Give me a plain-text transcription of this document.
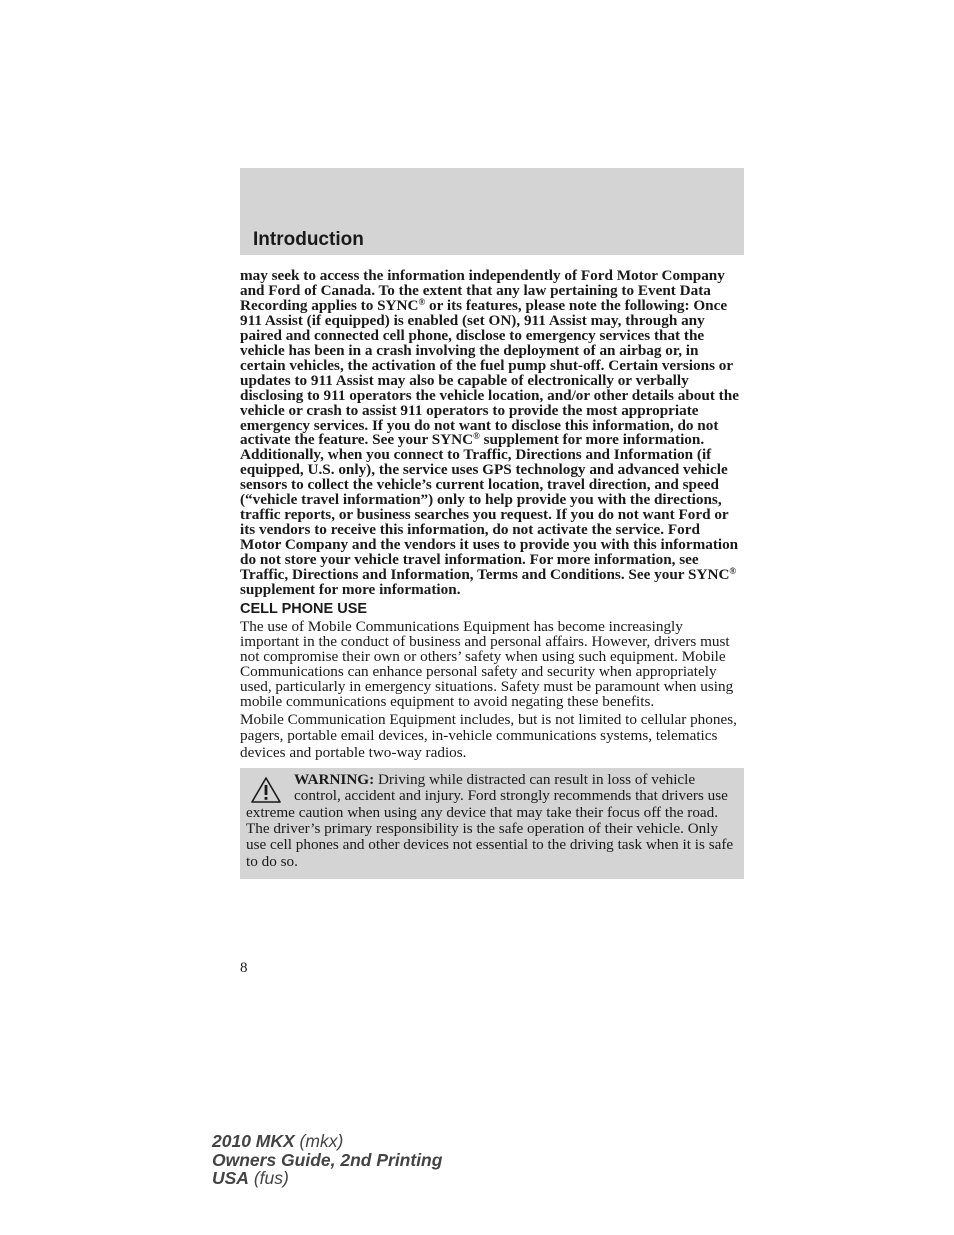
Introduction

may seek to access the information independently of Ford Motor Company and Ford of Canada. To the extent that any law pertaining to Event Data Recording applies to SYNC® or its features, please note the following: Once 911 Assist (if equipped) is enabled (set ON), 911 Assist may, through any paired and connected cell phone, disclose to emergency services that the vehicle has been in a crash involving the deployment of an airbag or, in certain vehicles, the activation of the fuel pump shut-off. Certain versions or updates to 911 Assist may also be capable of electronically or verbally disclosing to 911 operators the vehicle location, and/or other details about the vehicle or crash to assist 911 operators to provide the most appropriate emergency services. If you do not want to disclose this information, do not activate the feature. See your SYNC® supplement for more information. Additionally, when you connect to Traffic, Directions and Information (if equipped, U.S. only), the service uses GPS technology and advanced vehicle sensors to collect the vehicle’s current location, travel direction, and speed (“vehicle travel information”) only to help provide you with the directions, traffic reports, or business searches you request. If you do not want Ford or its vendors to receive this information, do not activate the service. Ford Motor Company and the vendors it uses to provide you with this information do not store your vehicle travel information. For more information, see Traffic, Directions and Information, Terms and Conditions. See your SYNC® supplement for more information.

CELL PHONE USE

The use of Mobile Communications Equipment has become increasingly important in the conduct of business and personal affairs. However, drivers must not compromise their own or others’ safety when using such equipment. Mobile Communications can enhance personal safety and security when appropriately used, particularly in emergency situations. Safety must be paramount when using mobile communications equipment to avoid negating these benefits.

Mobile Communication Equipment includes, but is not limited to cellular phones, pagers, portable email devices, in-vehicle communications systems, telematics devices and portable two-way radios.

WARNING: Driving while distracted can result in loss of vehicle control, accident and injury. Ford strongly recommends that drivers use extreme caution when using any device that may take their focus off the road. The driver’s primary responsibility is the safe operation of their vehicle. Only use cell phones and other devices not essential to the driving task when it is safe to do so.
8
2010 MKX (mkx)
Owners Guide, 2nd Printing
USA (fus)
